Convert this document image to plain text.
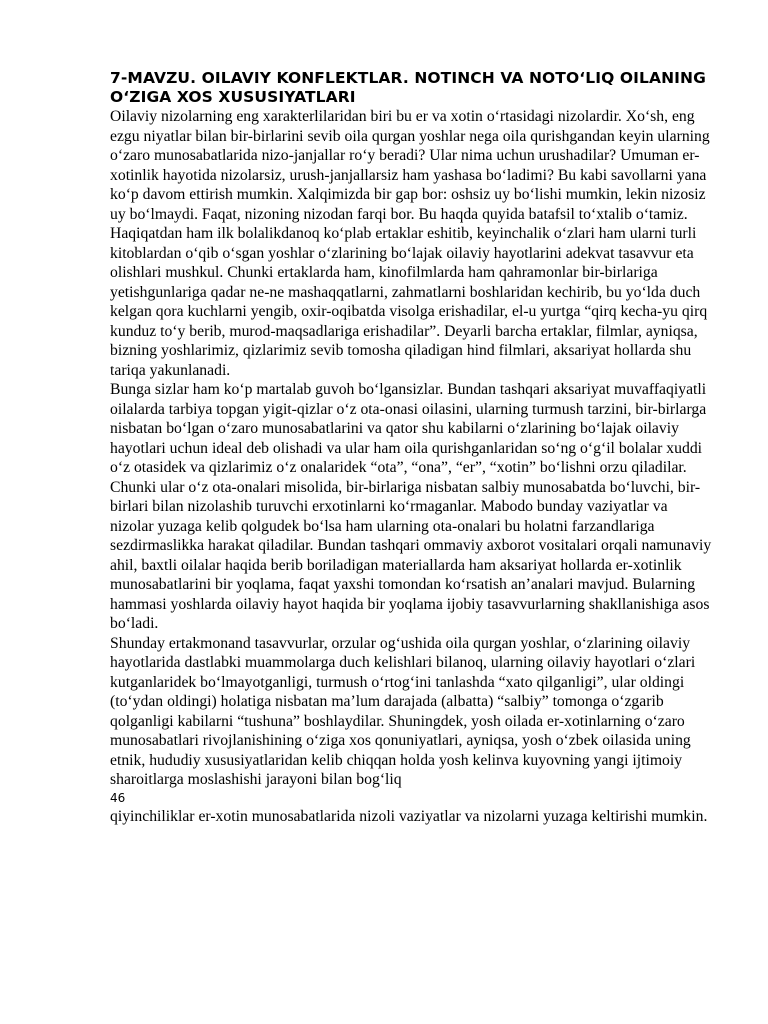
7-MAVZU. OILAVIY KONFLEKTLAR. NOTINCH VA NOTO‘LIQ OILANING O‘ZIGA XOS XUSUSIYATLARI

Oilaviy nizolarning eng xarakterlilaridan biri bu er va xotin o‘rtasidagi nizolardir. Xo‘sh, eng ezgu niyatlar bilan bir-birlarini sevib oila qurgan yoshlar nega oila qurishgandan keyin ularning o‘zaro munosabatlarida nizo-janjallar ro‘y beradi? Ular nima uchun urushadilar? Umuman er-xotinlik hayotida nizolarsiz, urush-janjallarsiz ham yashasa bo‘ladimi? Bu kabi savollarni yana ko‘p davom ettirish mumkin. Xalqimizda bir gap bor: oshsiz uy bo‘lishi mumkin, lekin nizosiz uy bo‘lmaydi. Faqat, nizoning nizodan farqi bor. Bu haqda quyida batafsil to‘xtalib o‘tamiz. Haqiqatdan ham ilk bolalikdanoq ko‘plab ertaklar eshitib, keyinchalik o‘zlari ham ularni turli kitoblardan o‘qib o‘sgan yoshlar o‘zlarining bo‘lajak oilaviy hayotlarini adekvat tasavvur eta olishlari mushkul. Chunki ertaklarda ham, kinofilmlarda ham qahramonlar bir-birlariga yetishgunlariga qadar ne-ne mashaqqatlarni, zahmatlarni boshlaridan kechirib, bu yo‘lda duch kelgan qora kuchlarni yengib, oxir-oqibatda visolga erishadilar, el-u yurtga “qirq kecha-yu qirq kunduz to‘y berib, murod-maqsadlariga erishadilar”. Deyarli barcha ertaklar, filmlar, ayniqsa, bizning yoshlarimiz, qizlarimiz sevib tomosha qiladigan hind filmlari, aksariyat hollarda shu tariqa yakunlanadi.

Bunga sizlar ham ko‘p martalab guvoh bo‘lgansizlar. Bundan tashqari aksariyat muvaffaqiyatli oilalarda tarbiya topgan yigit-qizlar o‘z ota-onasi oilasini, ularning turmush tarzini, bir-birlarga nisbatan bo‘lgan o‘zaro munosabatlarini va qator shu kabilarni o‘zlarining bo‘lajak oilaviy hayotlari uchun ideal deb olishadi va ular ham oila qurishganlaridan so‘ng o‘g‘il bolalar xuddi o‘z otasidek va qizlarimiz o‘z onalaridek “ota”, “ona”, “er”, “xotin” bo‘lishni orzu qiladilar. Chunki ular o‘z ota-onalari misolida, bir-birlariga nisbatan salbiy munosabatda bo‘luvchi, bir-birlari bilan nizolashib turuvchi erxotinlarni ko‘rmaganlar. Mabodo bunday vaziyatlar va nizolar yuzaga kelib qolgudek bo‘lsa ham ularning ota-onalari bu holatni farzandlariga sezdirmaslikka harakat qiladilar. Bundan tashqari ommaviy axborot vositalari orqali namunaviy ahil, baxtli oilalar haqida berib boriladigan materiallarda ham aksariyat hollarda er-xotinlik munosabatlarini bir yoqlama, faqat yaxshi tomondan ko‘rsatish an’analari mavjud. Bularning hammasi yoshlarda oilaviy hayot haqida bir yoqlama ijobiy tasavvurlarning shakllanishiga asos bo‘ladi.

Shunday ertakmonand tasavvurlar, orzular og‘ushida oila qurgan yoshlar, o‘zlarining oilaviy hayotlarida dastlabki muammolarga duch kelishlari bilanoq, ularning oilaviy hayotlari o‘zlari kutganlaridek bo‘lmayotganligi, turmush o‘rtog‘ini tanlashda “xato qilganligi”, ular oldingi (to‘ydan oldingi) holatiga nisbatan ma’lum darajada (albatta) “salbiy” tomonga o‘zgarib qolganligi kabilarni “tushuna” boshlaydilar. Shuningdek, yosh oilada er-xotinlarning o‘zaro munosabatlari rivojlanishining o‘ziga xos qonuniyatlari, ayniqsa, yosh o‘zbek oilasida uning etnik, hududiy xususiyatlaridan kelib chiqqan holda yosh kelinva kuyovning yangi ijtimoiy sharoitlarga moslashishi jarayoni bilan bog‘liq

46

qiyinchiliklar er-xotin munosabatlarida nizoli vaziyatlar va nizolarni yuzaga keltirishi mumkin.
